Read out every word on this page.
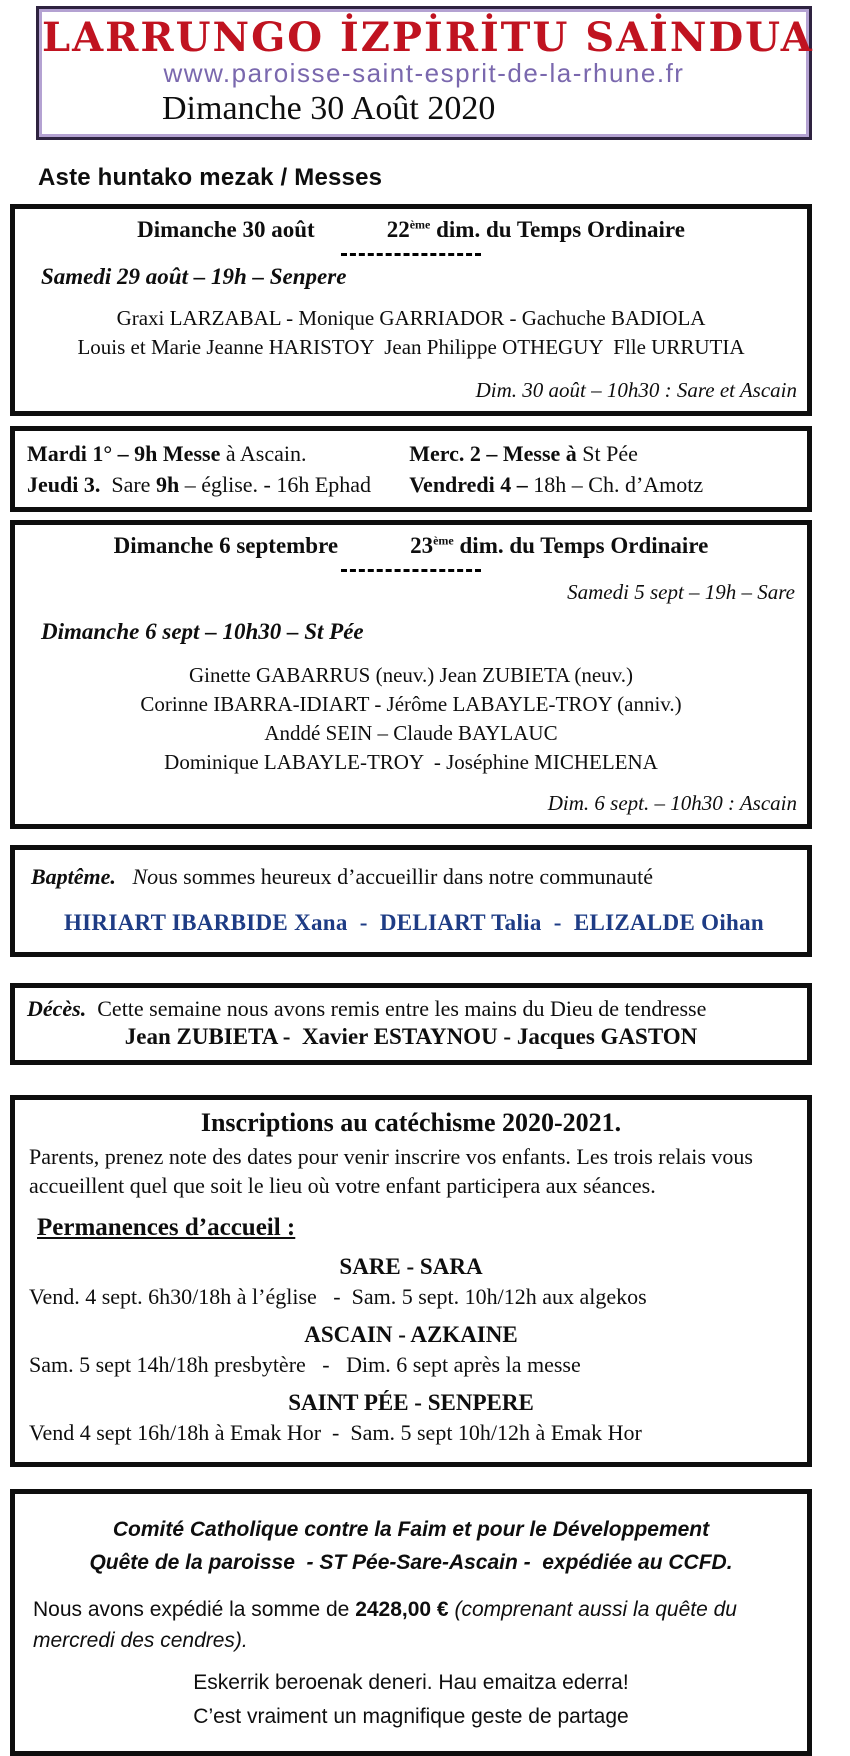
LARRUNGO İZPİRİTU SAİNDUA
www.paroisse-saint-esprit-de-la-rhune.fr
Dimanche 30 Août 2020
Aste huntako mezak / Messes
Dimanche 30 août	22ème dim. du Temps Ordinaire
Samedi 29 août – 19h – Senpere
Graxi LARZABAL - Monique GARRIADOR - Gachuche BADIOLA
Louis et Marie Jeanne HARISTOY  Jean Philippe OTHEGUY  Flle URRUTIA
Dim. 30 août – 10h30 : Sare et Ascain
Mardi 1° – 9h Messe à Ascain.	Merc. 2 – Messe à St Pée
Jeudi 3.  Sare 9h – église. - 16h Ephad	Vendredi 4 – 18h – Ch. d’Amotz
Dimanche 6 septembre	23ème dim. du Temps Ordinaire
Samedi 5 sept – 19h – Sare
Dimanche 6 sept – 10h30 – St Pée
Ginette GABARRUS (neuv.) Jean ZUBIETA (neuv.)
Corinne IBARRA-IDIART - Jérôme LABAYLE-TROY (anniv.)
Anddé SEIN – Claude BAYLAUC
Dominique LABAYLE-TROY  - Joséphine MICHELENA
Dim. 6 sept. – 10h30 : Ascain
Baptême. Nous sommes heureux d’accueillir dans notre communauté
HIRIART IBARBIDE Xana  -  DELIART Talia  -  ELIZALDE Oihan
Décès.  Cette semaine nous avons remis entre les mains du Dieu de tendresse
Jean ZUBIETA -  Xavier ESTAYNOU - Jacques GASTON
Inscriptions au catéchisme 2020-2021.
Parents, prenez note des dates pour venir inscrire vos enfants. Les trois relais vous accueillent quel que soit le lieu où votre enfant participera aux séances.
Permanences d’accueil :
SARE - SARA
Vend. 4 sept. 6h30/18h à l’église   -  Sam. 5 sept. 10h/12h aux algekos
ASCAIN - AZKAINE
Sam. 5 sept 14h/18h presbytère   -   Dim. 6 sept après la messe
SAINT PÉE - SENPERE
Vend 4 sept 16h/18h à Emak Hor  -  Sam. 5 sept 10h/12h à Emak Hor
Comité Catholique contre la Faim et pour le Développement
Quête de la paroisse  - ST Pée-Sare-Ascain -  expédiée au CCFD.
Nous avons expédié la somme de 2428,00 € (comprenant aussi la quête du mercredi des cendres).
Eskerrik beroenak deneri. Hau emaitza ederra!
C’est vraiment un magnifique geste de partage
